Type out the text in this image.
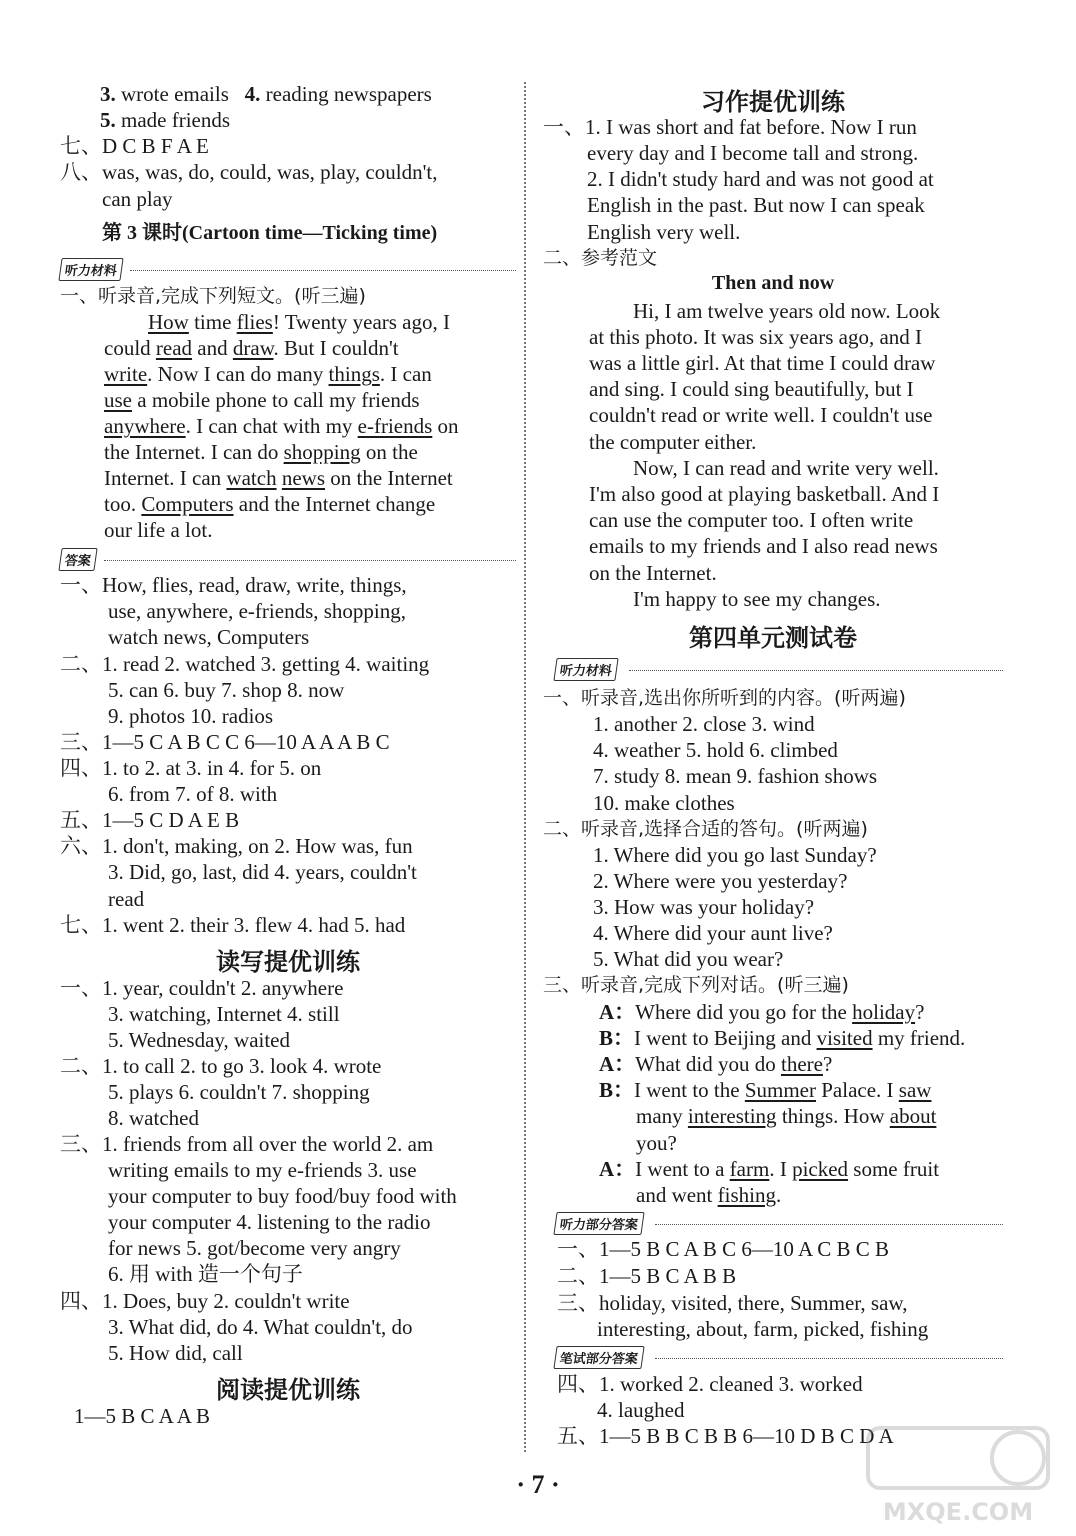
3. wrote emails 4. reading newspapers
5. made friends
七、D C B F A E
八、was, was, do, could, was, play, couldn't,
can play
第 3 课时(Cartoon time—Ticking time)
听力材料
一、听录音,完成下列短文。(听三遍)
How time flies! Twenty years ago, I
could read and draw. But I couldn't
write. Now I can do many things. I can
use a mobile phone to call my friends
anywhere. I can chat with my e-friends on
the Internet. I can do shopping on the
Internet. I can watch news on the Internet
too. Computers and the Internet change
our life a lot.
答案
一、How, flies, read, draw, write, things,
use, anywhere, e-friends, shopping,
watch news, Computers
二、1. read 2. watched 3. getting 4. waiting
5. can 6. buy 7. shop 8. now
9. photos 10. radios
三、1—5 C A B C C 6—10 A A A B C
四、1. to 2. at 3. in 4. for 5. on
6. from 7. of 8. with
五、1—5 C D A E B
六、1. don't, making, on 2. How was, fun
3. Did, go, last, did 4. years, couldn't
read
七、1. went 2. their 3. flew 4. had 5. had
读写提优训练
一、1. year, couldn't 2. anywhere
3. watching, Internet 4. still
5. Wednesday, waited
二、1. to call 2. to go 3. look 4. wrote
5. plays 6. couldn't 7. shopping
8. watched
三、1. friends from all over the world 2. am
writing emails to my e-friends 3. use
your computer to buy food/buy food with
your computer 4. listening to the radio
for news 5. got/become very angry
6. 用 with 造一个句子
四、1. Does, buy 2. couldn't write
3. What did, do 4. What couldn't, do
5. How did, call
阅读提优训练
1—5 B C A A B
习作提优训练
一、1. I was short and fat before. Now I run
every day and I become tall and strong.
2. I didn't study hard and was not good at
English in the past. But now I can speak
English very well.
二、参考范文
Then and now
Hi, I am twelve years old now. Look
at this photo. It was six years ago, and I
was a little girl. At that time I could draw
and sing. I could sing beautifully, but I
couldn't read or write well. I couldn't use
the computer either.
Now, I can read and write very well.
I'm also good at playing basketball. And I
can use the computer too. I often write
emails to my friends and I also read news
on the Internet.
I'm happy to see my changes.
第四单元测试卷
听力材料
一、听录音,选出你所听到的内容。(听两遍)
1. another 2. close 3. wind
4. weather 5. hold 6. climbed
7. study 8. mean 9. fashion shows
10. make clothes
二、听录音,选择合适的答句。(听两遍)
1. Where did you go last Sunday?
2. Where were you yesterday?
3. How was your holiday?
4. Where did your aunt live?
5. What did you wear?
三、听录音,完成下列对话。(听三遍)
A：Where did you go for the holiday?
B：I went to Beijing and visited my friend.
A：What did you do there?
B：I went to the Summer Palace. I saw
many interesting things. How about
you?
A：I went to a farm. I picked some fruit
and went fishing.
听力部分答案
一、1—5 B C A B C 6—10 A C B C B
二、1—5 B C A B B
三、holiday, visited, there, Summer, saw,
interesting, about, farm, picked, fishing
笔试部分答案
四、1. worked 2. cleaned 3. worked
4. laughed
五、1—5 B B C B B 6—10 D B C D A
· 7 ·
MXQE.COM
